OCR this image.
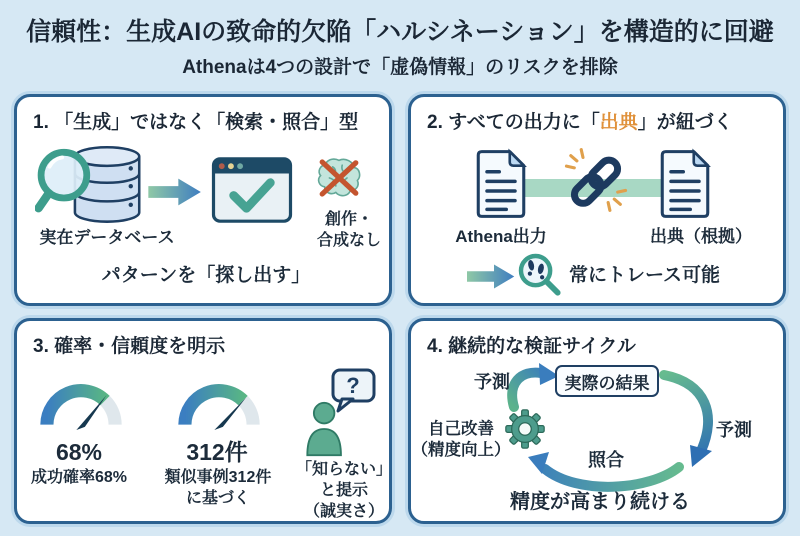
信頼性：生成AIの致命的欠陥「ハルシネーション」を構造的に回避
Athenaは4つの設計で「虚偽情報」のリスクを排除
1. 「生成」ではなく「検索・照合」型
実在データベース
創作・
合成なし
パターンを「探し出す」
2. すべての出力に「出典」が紐づく
Athena出力	出典（根拠）
常にトレース可能
3. 確率・信頼度を明示
68%
成功確率68%
312件
類似事例312件
に基づく
?
「知らない」
と提示
（誠実さ）
4. 継続的な検証サイクル
実際の結果
予測
予測
照合
自己改善
（精度向上）
精度が高まり続ける
